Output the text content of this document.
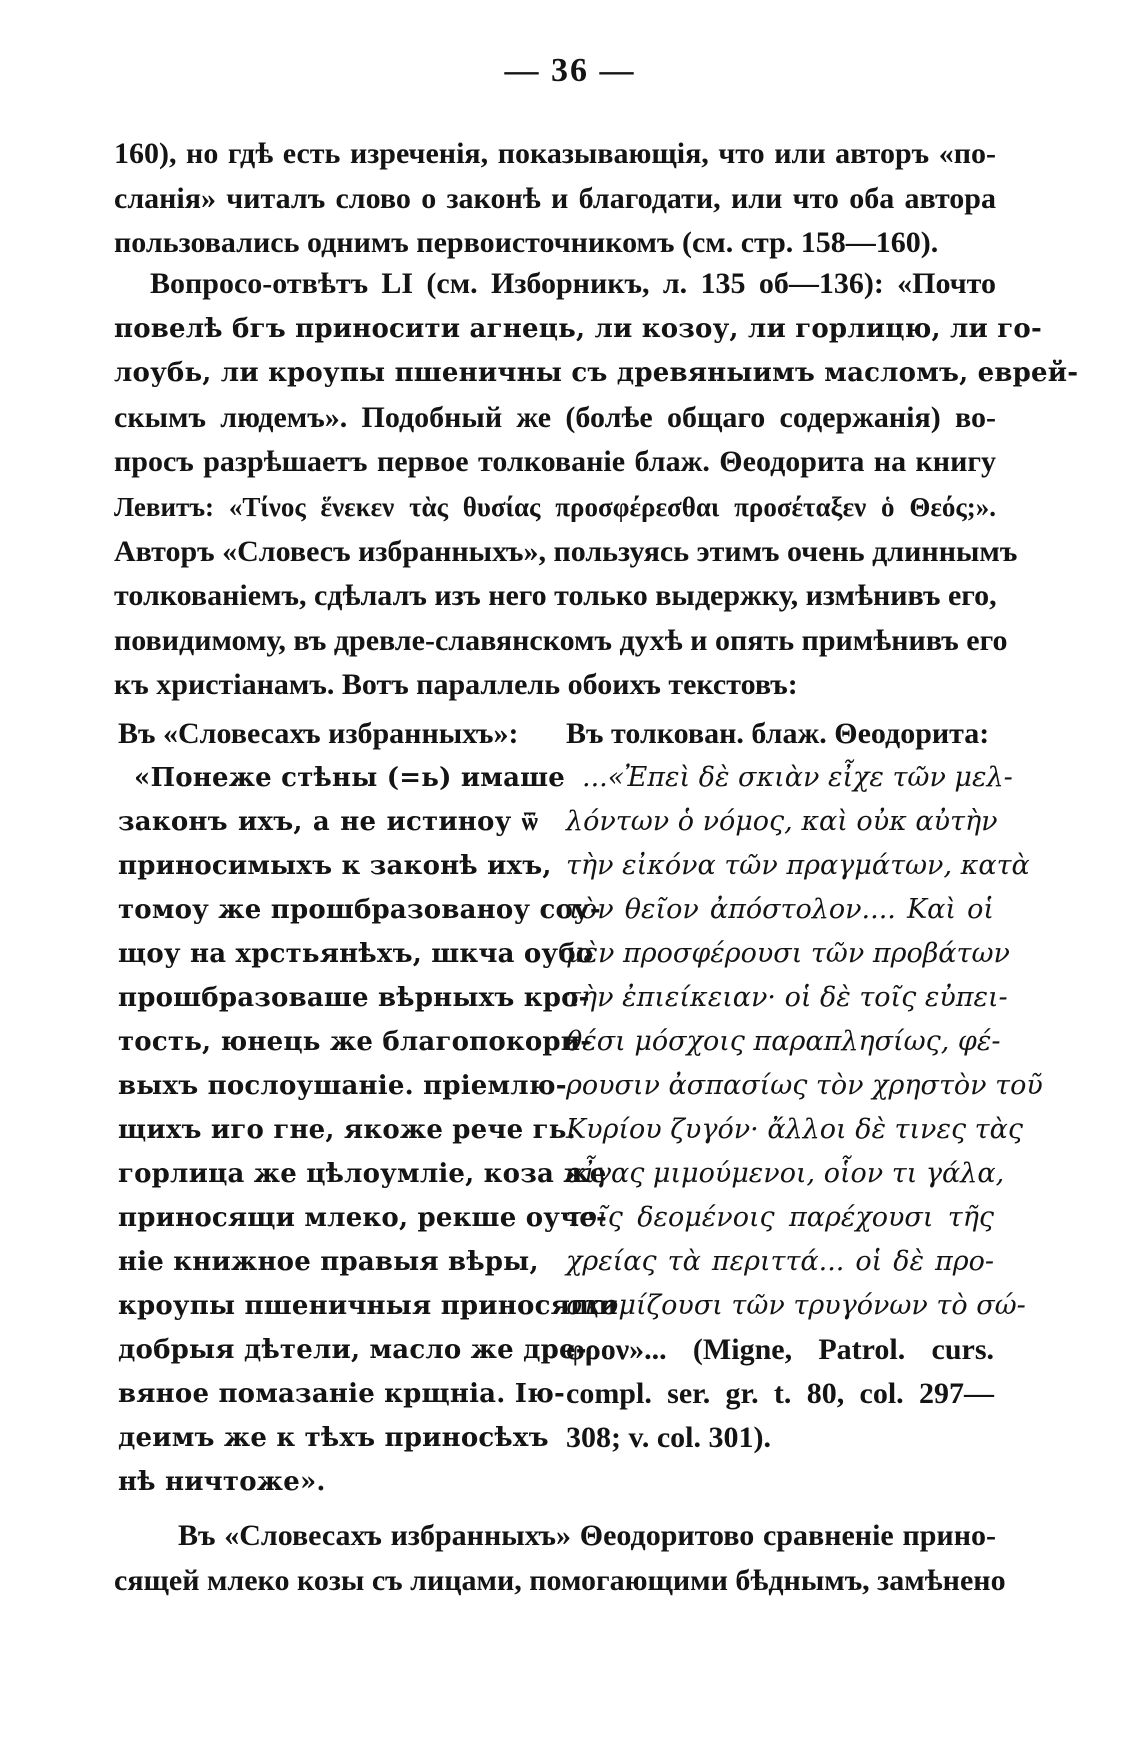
— 36 —
160), но гдѣ есть изреченія, показывающія, что или авторъ «по-
сланія» читалъ слово о законѣ и благодати, или что оба автора
пользовались однимъ первоисточникомъ (см. стр. 158—160).
Вопросо-отвѣтъ LI (см. Изборникъ, л. 135 об—136): «Почто
повелѣ бгъ приносити агнець, ли козоу, ли горлицю, ли го-
лоубь, ли кроупы пшеничны съ древяныимъ масломъ, еврей-
скымъ людемъ». Подобный же (болѣе общаго содержанія) во-
просъ разрѣшаетъ первое толкованіе блаж. Θеодорита на книгу
Левитъ: «Τίνος ἕνεκεν τὰς θυσίας προσφέρεσθαι προσέταξεν ὁ Θεός;».
Авторъ «Словесъ избранныхъ», пользуясь этимъ очень длиннымъ
толкованіемъ, сдѣлалъ изъ него только выдержку, измѣнивъ его,
повидимому, въ древле-славянскомъ духѣ и опять примѣнивъ его
къ христіанамъ. Вотъ параллель обоихъ текстовъ:
Въ «Словесахъ избранныхъ»:
«Понеже стѣны (=ь) имаше
законъ ихъ, а не истиноу ѿ
приносимыхъ к законѣ ихъ,
томоу же прошбразованоу соу-
щоу на хрстьянѣхъ, шкча оубо
прошбразоваше вѣрныхъ кро-
тость, юнець же благопокори-
выхъ послоушаніе. пріемлю-
щихъ иго гне, якоже рече гь.
горлица же цѣлоумліе, коза же
приносящи млеко, рекше оуче-
ніе книжное правыя вѣры,
кроупы пшеничныя приносящи
добрыя дѣтели, масло же дре-
вяное помазаніе крщніа. Ію-
деимъ же к тѣхъ приносѣхъ
нѣ ничтоже».
Въ толкован. блаж. Θеодорита:
...«Ἐπεὶ δὲ σκιὰν εἶχε τῶν μελ-
λόντων ὁ νόμος, καὶ οὐκ αὐτὴν
τὴν εἰκόνα τῶν πραγμάτων, κατὰ
τὸν θεῖον ἀπόστολον.... Καὶ οἱ
μὲν προσφέρουσι τῶν προβάτων
τὴν ἐπιείκειαν· οἱ δὲ τοῖς εὐπει-
θέσι μόσχοις παραπλησίως, φέ-
ρουσιν ἀσπασίως τὸν χρηστὸν τοῦ
Κυρίου ζυγόν· ἄλλοι δὲ τινες τὰς
αἶγας μιμούμενοι, οἷον τι γάλα,
τοῖς δεομένοις παρέχουσι τῆς
χρείας τὰ περιττά... οἱ δὲ προ-
σκομίζουσι τῶν τρυγόνων τὸ σώ-
φρον»... (Migne, Patrol. curs.
compl. ser. gr. t. 80, col. 297—
308; v. col. 301).
Въ «Словесахъ избранныхъ» Θеодоритово сравненіе прино-
сящей млеко козы съ лицами, помогающими бѣднымъ, замѣнено
